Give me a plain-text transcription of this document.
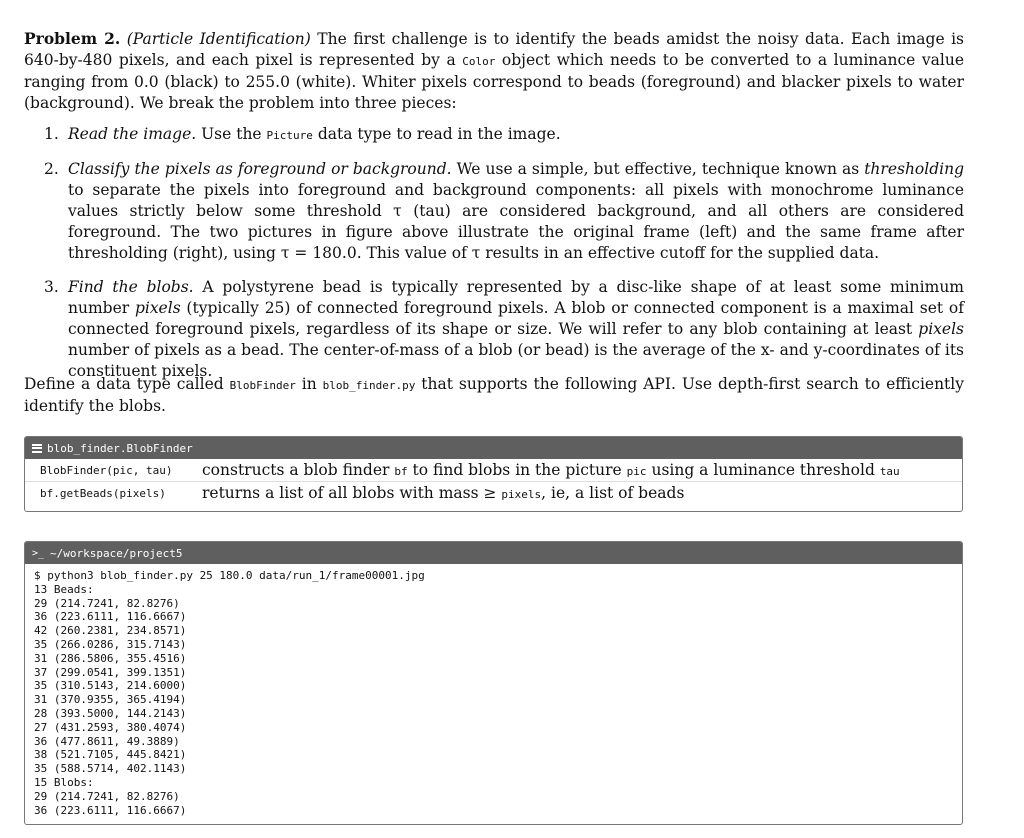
Problem 2. (Particle Identification) The first challenge is to identify the beads amidst the noisy data. Each image is 640-by-480 pixels, and each pixel is represented by a Color object which needs to be converted to a luminance value ranging from 0.0 (black) to 255.0 (white). Whiter pixels correspond to beads (foreground) and blacker pixels to water (background). We break the problem into three pieces:
1. Read the image. Use the Picture data type to read in the image.
2. Classify the pixels as foreground or background. We use a simple, but effective, technique known as thresholding to separate the pixels into foreground and background components: all pixels with monochrome luminance values strictly below some threshold τ (tau) are considered background, and all others are considered foreground. The two pictures in figure above illustrate the original frame (left) and the same frame after thresholding (right), using τ = 180.0. This value of τ results in an effective cutoff for the supplied data.
3. Find the blobs. A polystyrene bead is typically represented by a disc-like shape of at least some minimum number pixels (typically 25) of connected foreground pixels. A blob or connected component is a maximal set of connected foreground pixels, regardless of its shape or size. We will refer to any blob containing at least pixels number of pixels as a bead. The center-of-mass of a blob (or bead) is the average of the x- and y-coordinates of its constituent pixels.
Define a data type called BlobFinder in blob_finder.py that supports the following API. Use depth-first search to efficiently identify the blobs.
blob_finder.BlobFinder
BlobFinder(pic, tau)	constructs a blob finder bf to find blobs in the picture pic using a luminance threshold tau
bf.getBeads(pixels)	returns a list of all blobs with mass ≥ pixels, ie, a list of beads
>_ ~/workspace/project5
$ python3 blob_finder.py 25 180.0 data/run_1/frame00001.jpg
13 Beads:
29 (214.7241, 82.8276)
36 (223.6111, 116.6667)
42 (260.2381, 234.8571)
35 (266.0286, 315.7143)
31 (286.5806, 355.4516)
37 (299.0541, 399.1351)
35 (310.5143, 214.6000)
31 (370.9355, 365.4194)
28 (393.5000, 144.2143)
27 (431.2593, 380.4074)
36 (477.8611, 49.3889)
38 (521.7105, 445.8421)
35 (588.5714, 402.1143)
15 Blobs:
29 (214.7241, 82.8276)
36 (223.6111, 116.6667)
